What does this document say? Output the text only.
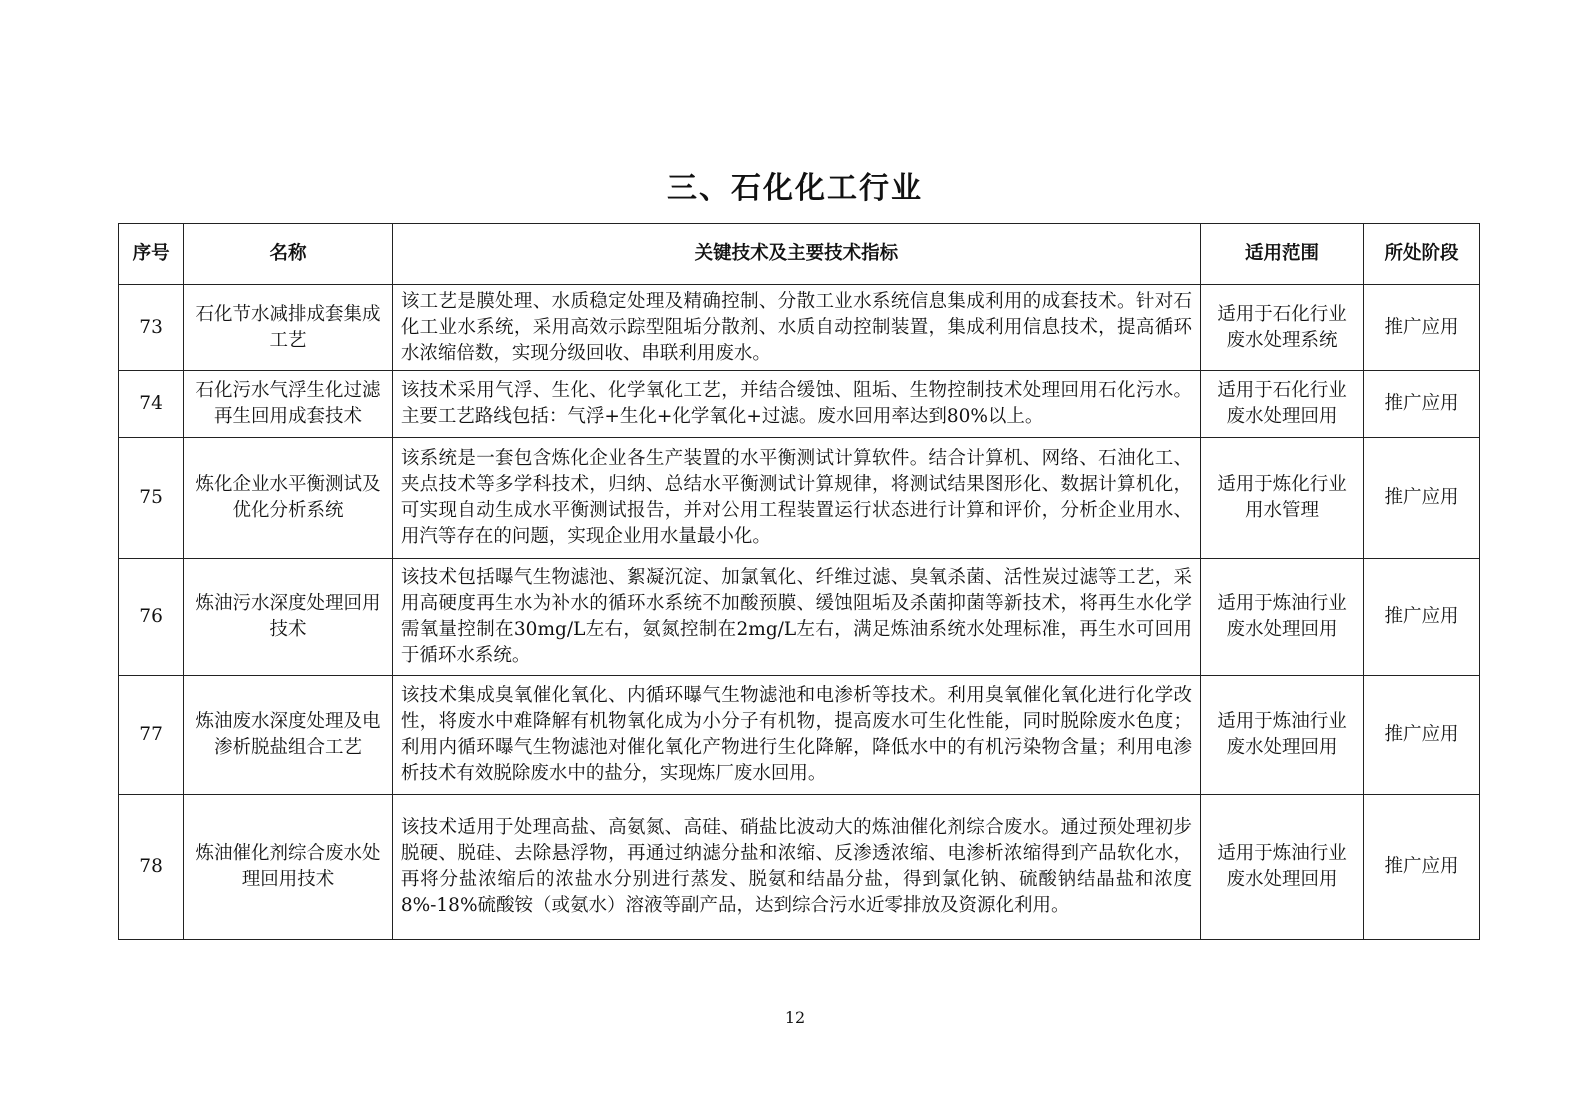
三、石化化工行业
序号	名称	关键技术及主要技术指标	适用范围	所处阶段
73	石化节水减排成套集成工艺	该工艺是膜处理、水质稳定处理及精确控制、分散工业水系统信息集成利用的成套技术。针对石化工业水系统，采用高效示踪型阻垢分散剂、水质自动控制装置，集成利用信息技术，提高循环水浓缩倍数，实现分级回收、串联利用废水。	适用于石化行业废水处理系统	推广应用
74	石化污水气浮生化过滤再生回用成套技术	该技术采用气浮、生化、化学氧化工艺，并结合缓蚀、阻垢、生物控制技术处理回用石化污水。主要工艺路线包括：气浮+生化+化学氧化+过滤。废水回用率达到80%以上。	适用于石化行业废水处理回用	推广应用
75	炼化企业水平衡测试及优化分析系统	该系统是一套包含炼化企业各生产装置的水平衡测试计算软件。结合计算机、网络、石油化工、夹点技术等多学科技术，归纳、总结水平衡测试计算规律，将测试结果图形化、数据计算机化，可实现自动生成水平衡测试报告，并对公用工程装置运行状态进行计算和评价，分析企业用水、用汽等存在的问题，实现企业用水量最小化。	适用于炼化行业用水管理	推广应用
76	炼油污水深度处理回用技术	该技术包括曝气生物滤池、絮凝沉淀、加氯氧化、纤维过滤、臭氧杀菌、活性炭过滤等工艺，采用高硬度再生水为补水的循环水系统不加酸预膜、缓蚀阻垢及杀菌抑菌等新技术，将再生水化学需氧量控制在30mg/L左右，氨氮控制在2mg/L左右，满足炼油系统水处理标准，再生水可回用于循环水系统。	适用于炼油行业废水处理回用	推广应用
77	炼油废水深度处理及电渗析脱盐组合工艺	该技术集成臭氧催化氧化、内循环曝气生物滤池和电渗析等技术。利用臭氧催化氧化进行化学改性，将废水中难降解有机物氧化成为小分子有机物，提高废水可生化性能，同时脱除废水色度；利用内循环曝气生物滤池对催化氧化产物进行生化降解，降低水中的有机污染物含量；利用电渗析技术有效脱除废水中的盐分，实现炼厂废水回用。	适用于炼油行业废水处理回用	推广应用
78	炼油催化剂综合废水处理回用技术	该技术适用于处理高盐、高氨氮、高硅、硝盐比波动大的炼油催化剂综合废水。通过预处理初步脱硬、脱硅、去除悬浮物，再通过纳滤分盐和浓缩、反渗透浓缩、电渗析浓缩得到产品软化水，再将分盐浓缩后的浓盐水分别进行蒸发、脱氨和结晶分盐，得到氯化钠、硫酸钠结晶盐和浓度8%-18%硫酸铵（或氨水）溶液等副产品，达到综合污水近零排放及资源化利用。	适用于炼油行业废水处理回用	推广应用
12
